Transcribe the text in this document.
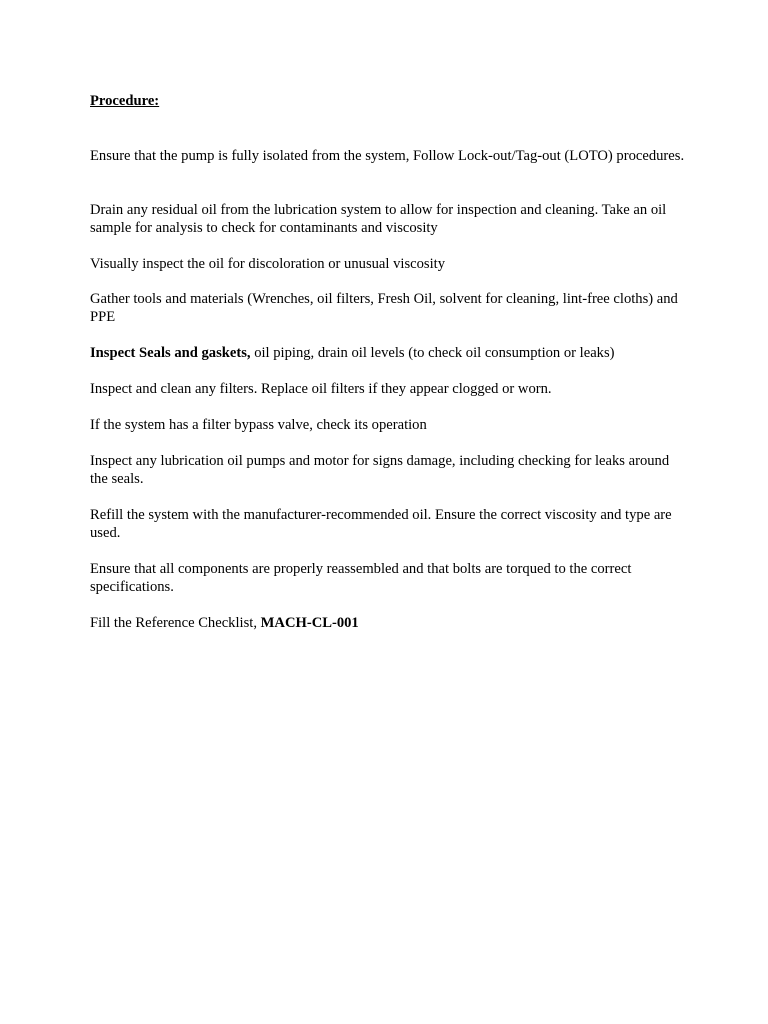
Procedure:

Ensure that the pump is fully isolated from the system, Follow Lock-out/Tag-out (LOTO) procedures.

Drain any residual oil from the lubrication system to allow for inspection and cleaning. Take an oil sample for analysis to check for contaminants and viscosity

Visually inspect the oil for discoloration or unusual viscosity

Gather tools and materials (Wrenches, oil filters, Fresh Oil, solvent for cleaning, lint-free cloths) and PPE

Inspect Seals and gaskets, oil piping, drain oil levels (to check oil consumption or leaks)

Inspect and clean any filters. Replace oil filters if they appear clogged or worn.

If the system has a filter bypass valve, check its operation

Inspect any lubrication oil pumps and motor for signs damage, including checking for leaks around the seals.

Refill the system with the manufacturer-recommended oil. Ensure the correct viscosity and type are used.

Ensure that all components are properly reassembled and that bolts are torqued to the correct specifications.

Fill the Reference Checklist, MACH-CL-001
